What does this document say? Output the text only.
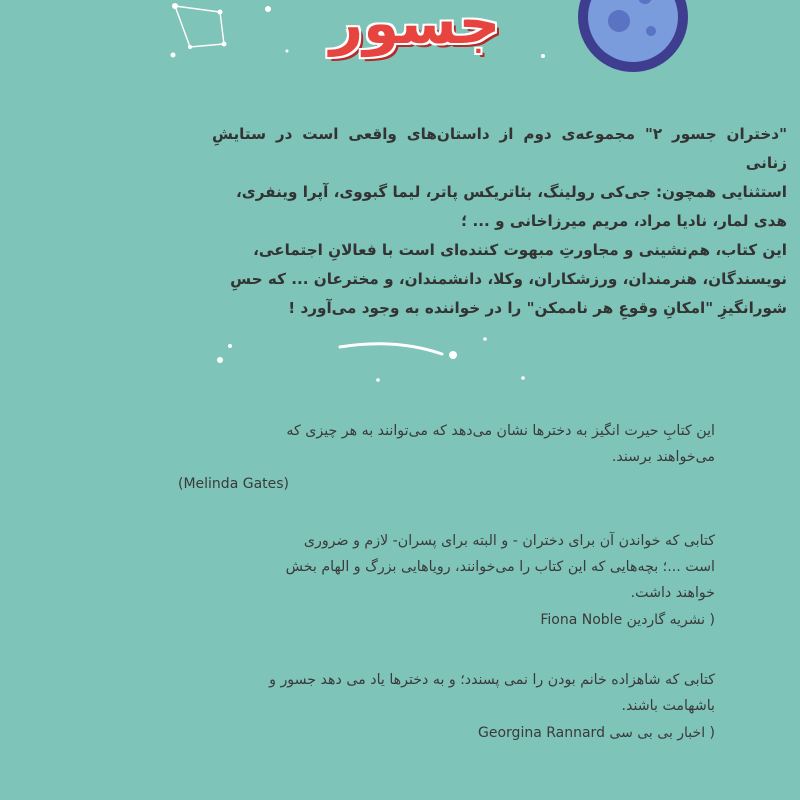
جسور

"دختران جسور ۲" مجموعه‌ی دوم از داستان‌های واقعی است در ستایشِ زنانی

استثنایی همچون: جی‌کی رولینگ، بئاتریکس پاتر، لیما گبووی، آپرا وینفری،

هدی لمار، نادیا مراد، مریم میرزاخانی و ... ؛

این کتاب، هم‌نشینی و مجاورتِ مبهوت کننده‌ای است با فعالانِ اجتماعی،

نویسندگان، هنرمندان، ورزشکاران، وکلا، دانشمندان، و مخترعان ... که حسِ

شورانگیزِ "امکانِ وقوعِ هر ناممکن" را در خواننده به وجود می‌آورد !

این کتابِ حیرت انگیز به دخترها نشان می‌دهد که می‌توانند به هر چیزی که

می‌خواهند برسند.

(Melinda Gates)

کتابی که خواندن آن برای دختران - و البته برای پسران- لازم و ضروری

است ...؛ بچه‌هایی که این کتاب را می‌خوانند، رویاهایی بزرگ و الهام بخش

خواهند داشت.

( نشریه گاردین Fiona Noble

کتابی که شاهزاده خانم بودن را نمی پسندد؛ و به دخترها یاد می دهد جسور و

باشهامت باشند.

( اخبار بی بی سی Georgina Rannard
